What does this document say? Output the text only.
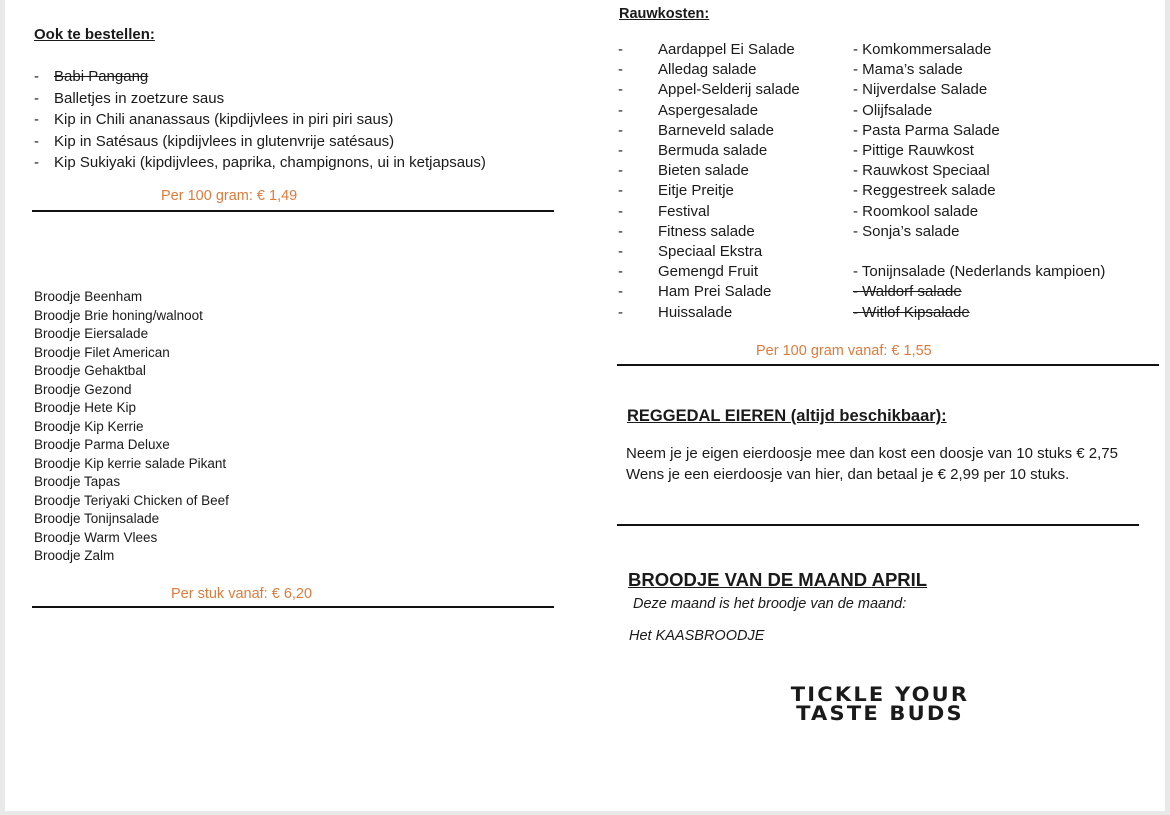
Ook te bestellen:
- Babi Pangang
- Balletjes in zoetzure saus
- Kip in Chili ananassaus (kipdijvlees in piri piri saus)
- Kip in Satésaus (kipdijvlees in glutenvrije satésaus)
- Kip Sukiyaki (kipdijvlees, paprika, champignons, ui in ketjapsaus)
Per 100 gram: € 1,49
Broodje Beenham
Broodje Brie honing/walnoot
Broodje Eiersalade
Broodje Filet American
Broodje Gehaktbal
Broodje Gezond
Broodje Hete Kip
Broodje Kip Kerrie
Broodje Parma Deluxe
Broodje Kip kerrie salade Pikant
Broodje Tapas
Broodje Teriyaki Chicken of Beef
Broodje Tonijnsalade
Broodje Warm Vlees
Broodje Zalm
Per stuk vanaf: € 6,20
Rauwkosten:
-
-
-
-
-
-
-
-
-
-
-
-
-
-
Aardappel Ei Salade
Alledag salade
Appel-Selderij salade
Aspergesalade
Barneveld salade
Bermuda salade
Bieten salade
Eitje Preitje
Festival
Fitness salade
Speciaal Ekstra
Gemengd Fruit
Ham Prei Salade
Huissalade
- Komkommersalade
- Mama’s salade
- Nijverdalse Salade
- Olijfsalade
- Pasta Parma Salade
- Pittige Rauwkost
- Rauwkost Speciaal
- Reggestreek salade
- Roomkool salade
- Sonja’s salade
- Tonijnsalade (Nederlands kampioen)
- Waldorf salade
- Witlof Kipsalade
Per 100 gram vanaf: € 1,55
REGGEDAL EIEREN (altijd beschikbaar):
Neem je je eigen eierdoosje mee dan kost een doosje van 10 stuks € 2,75
Wens je een eierdoosje van hier, dan betaal je € 2,99 per 10 stuks.
BROODJE VAN DE MAAND APRIL
Deze maand is het broodje van de maand:
Het KAASBROODJE
TICKLE YOUR
TASTE BUDS
